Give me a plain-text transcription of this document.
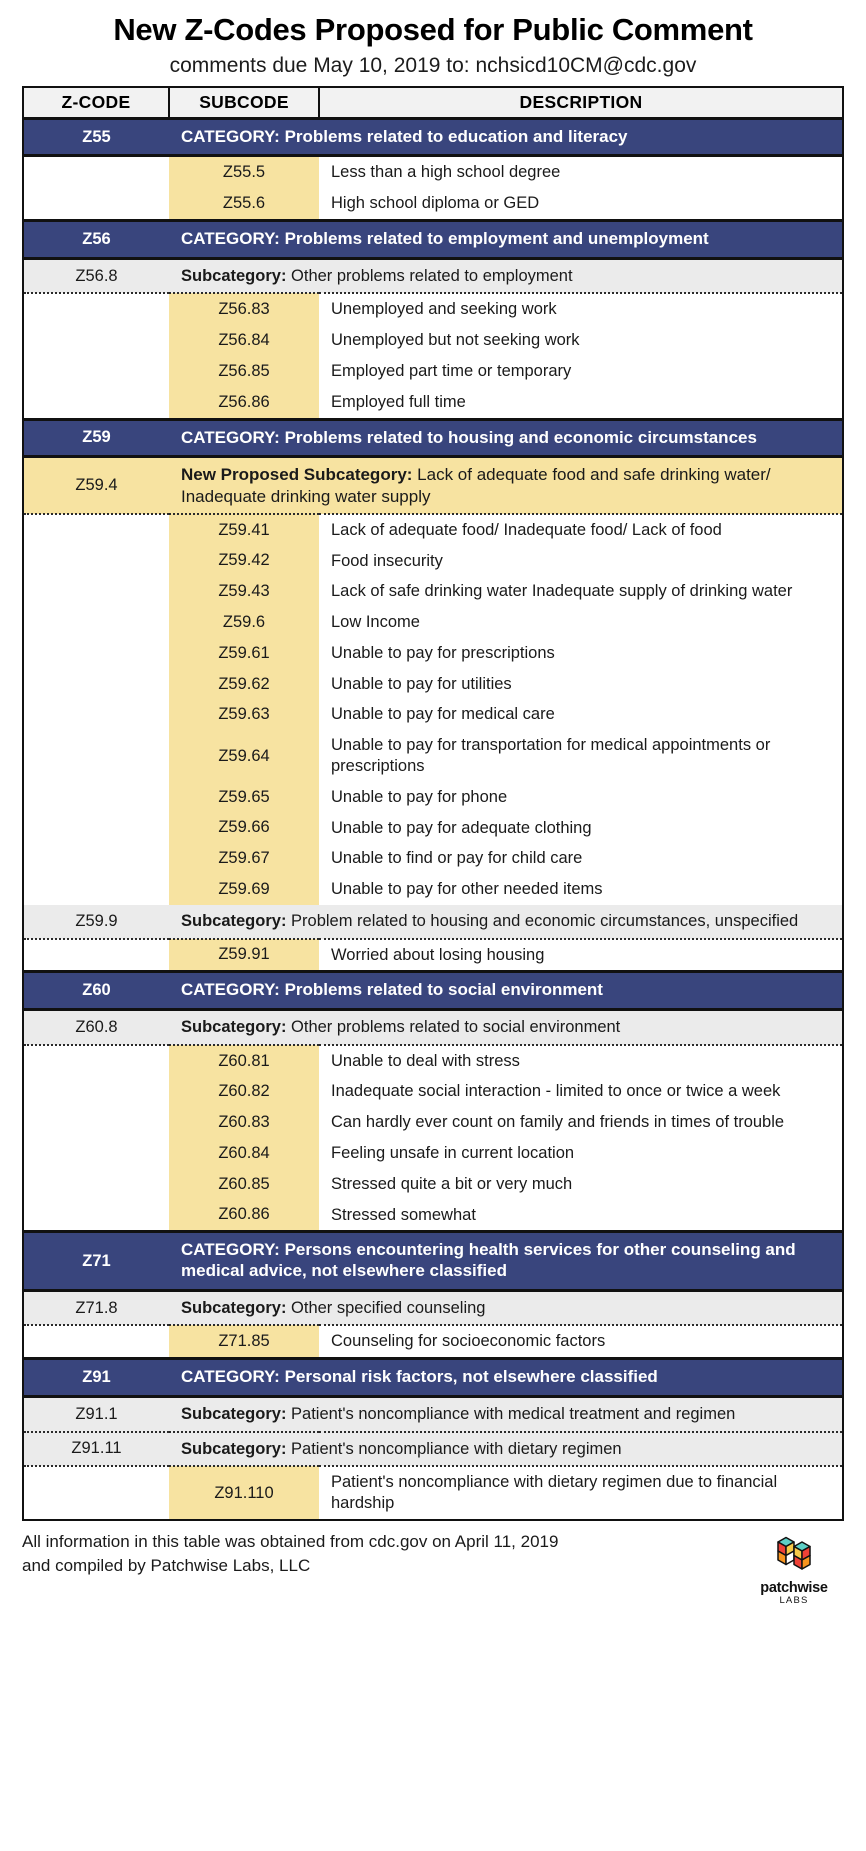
New Z-Codes Proposed for Public Comment
comments due May 10, 2019 to: nchsicd10CM@cdc.gov
Z-CODE	SUBCODE	DESCRIPTION
Z55	CATEGORY: Problems related to education and literacy	
	Z55.5	Less than a high school degree
	Z55.6	High school diploma or GED
Z56	CATEGORY: Problems related to employment and unemployment	
Z56.8	Subcategory: Other problems related to employment	
	Z56.83	Unemployed and seeking work
	Z56.84	Unemployed but not seeking work
	Z56.85	Employed part time or temporary
	Z56.86	Employed full time
Z59	CATEGORY: Problems related to housing and economic circumstances	
Z59.4	New Proposed Subcategory: Lack of adequate food and safe drinking water/ Inadequate drinking water supply	
	Z59.41	Lack of adequate food/ Inadequate food/ Lack of food
	Z59.42	Food insecurity
	Z59.43	Lack of safe drinking water Inadequate supply of drinking water
	Z59.6	Low Income
	Z59.61	Unable to pay for prescriptions
	Z59.62	Unable to pay for utilities
	Z59.63	Unable to pay for medical care
	Z59.64	Unable to pay for transportation for medical appointments or prescriptions
	Z59.65	Unable to pay for phone
	Z59.66	Unable to pay for adequate clothing
	Z59.67	Unable to find or pay for child care
	Z59.69	Unable to pay for other needed items
Z59.9	Subcategory: Problem related to housing and economic circumstances, unspecified	
	Z59.91	Worried about losing housing
Z60	CATEGORY: Problems related to social environment	
Z60.8	Subcategory: Other problems related to social environment	
	Z60.81	Unable to deal with stress
	Z60.82	Inadequate social interaction - limited to once or twice a week
	Z60.83	Can hardly ever count on family and friends in times of trouble
	Z60.84	Feeling unsafe in current location
	Z60.85	Stressed quite a bit or very much
	Z60.86	Stressed somewhat
Z71	CATEGORY: Persons encountering health services for other counseling and medical advice, not elsewhere classified	
Z71.8	Subcategory: Other specified counseling	
	Z71.85	Counseling for socioeconomic factors
Z91	CATEGORY: Personal risk factors, not elsewhere classified	
Z91.1	Subcategory: Patient's noncompliance with medical treatment and regimen	
Z91.11	Subcategory: Patient's noncompliance with dietary regimen	
	Z91.110	Patient's noncompliance with dietary regimen due to financial hardship
All information in this table was obtained from cdc.gov on April 11, 2019
and compiled by Patchwise Labs, LLC
patchwise
LABS
